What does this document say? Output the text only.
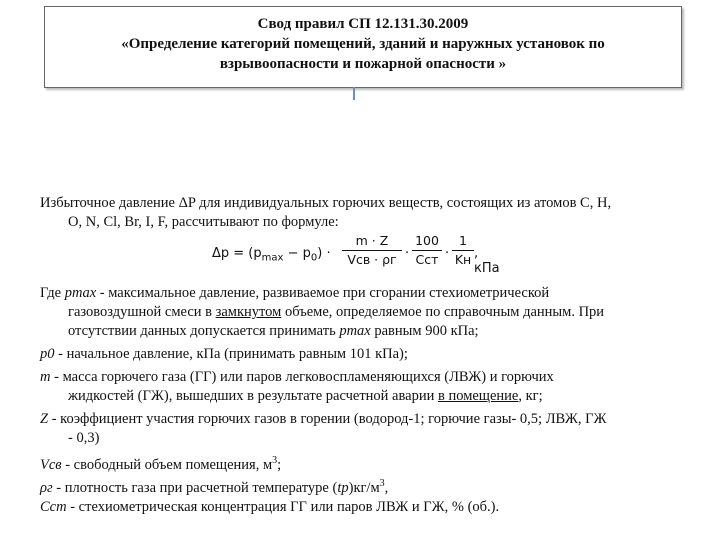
Свод правил СП 12.131.30.2009
«Определение категорий помещений, зданий и наружных установок по
взрывоопасности и пожарной опасности »
Избыточное давление ΔP для индивидуальных горючих веществ, состоящих из атомов С, Н,
О, N, Cl, Br, I, F, рассчитывают по формуле:
$\Delta p = (p_{max} - p_0)$ ·
m · Z
Vсв · ρг ·
100
Cст ·
1
Kн , кПа
Где pmax - максимальное давление, развиваемое при сгорании стехиометрической
газовоздушной смеси в замкнутом объеме, определяемое по справочным данным. При
отсутствии данных допускается принимать pmax равным 900 кПа;
p0 - начальное давление, кПа (принимать равным 101 кПа);
m - масса горючего газа (ГГ) или паров легковоспламеняющихся (ЛВЖ) и горючих
жидкостей (ГЖ), вышедших в результате расчетной аварии в помещение, кг;
Z - коэффициент участия горючих газов в горении (водород-1; горючие газы- 0,5; ЛВЖ, ГЖ
- 0,3)
Vсв - свободный объем помещения, $м^3$;
ρг - плотность газа при расчетной температуре $(tр)кг/м^3$,
Cст - стехиометрическая концентрация ГГ или паров ЛВЖ и ГЖ, % (об.).
